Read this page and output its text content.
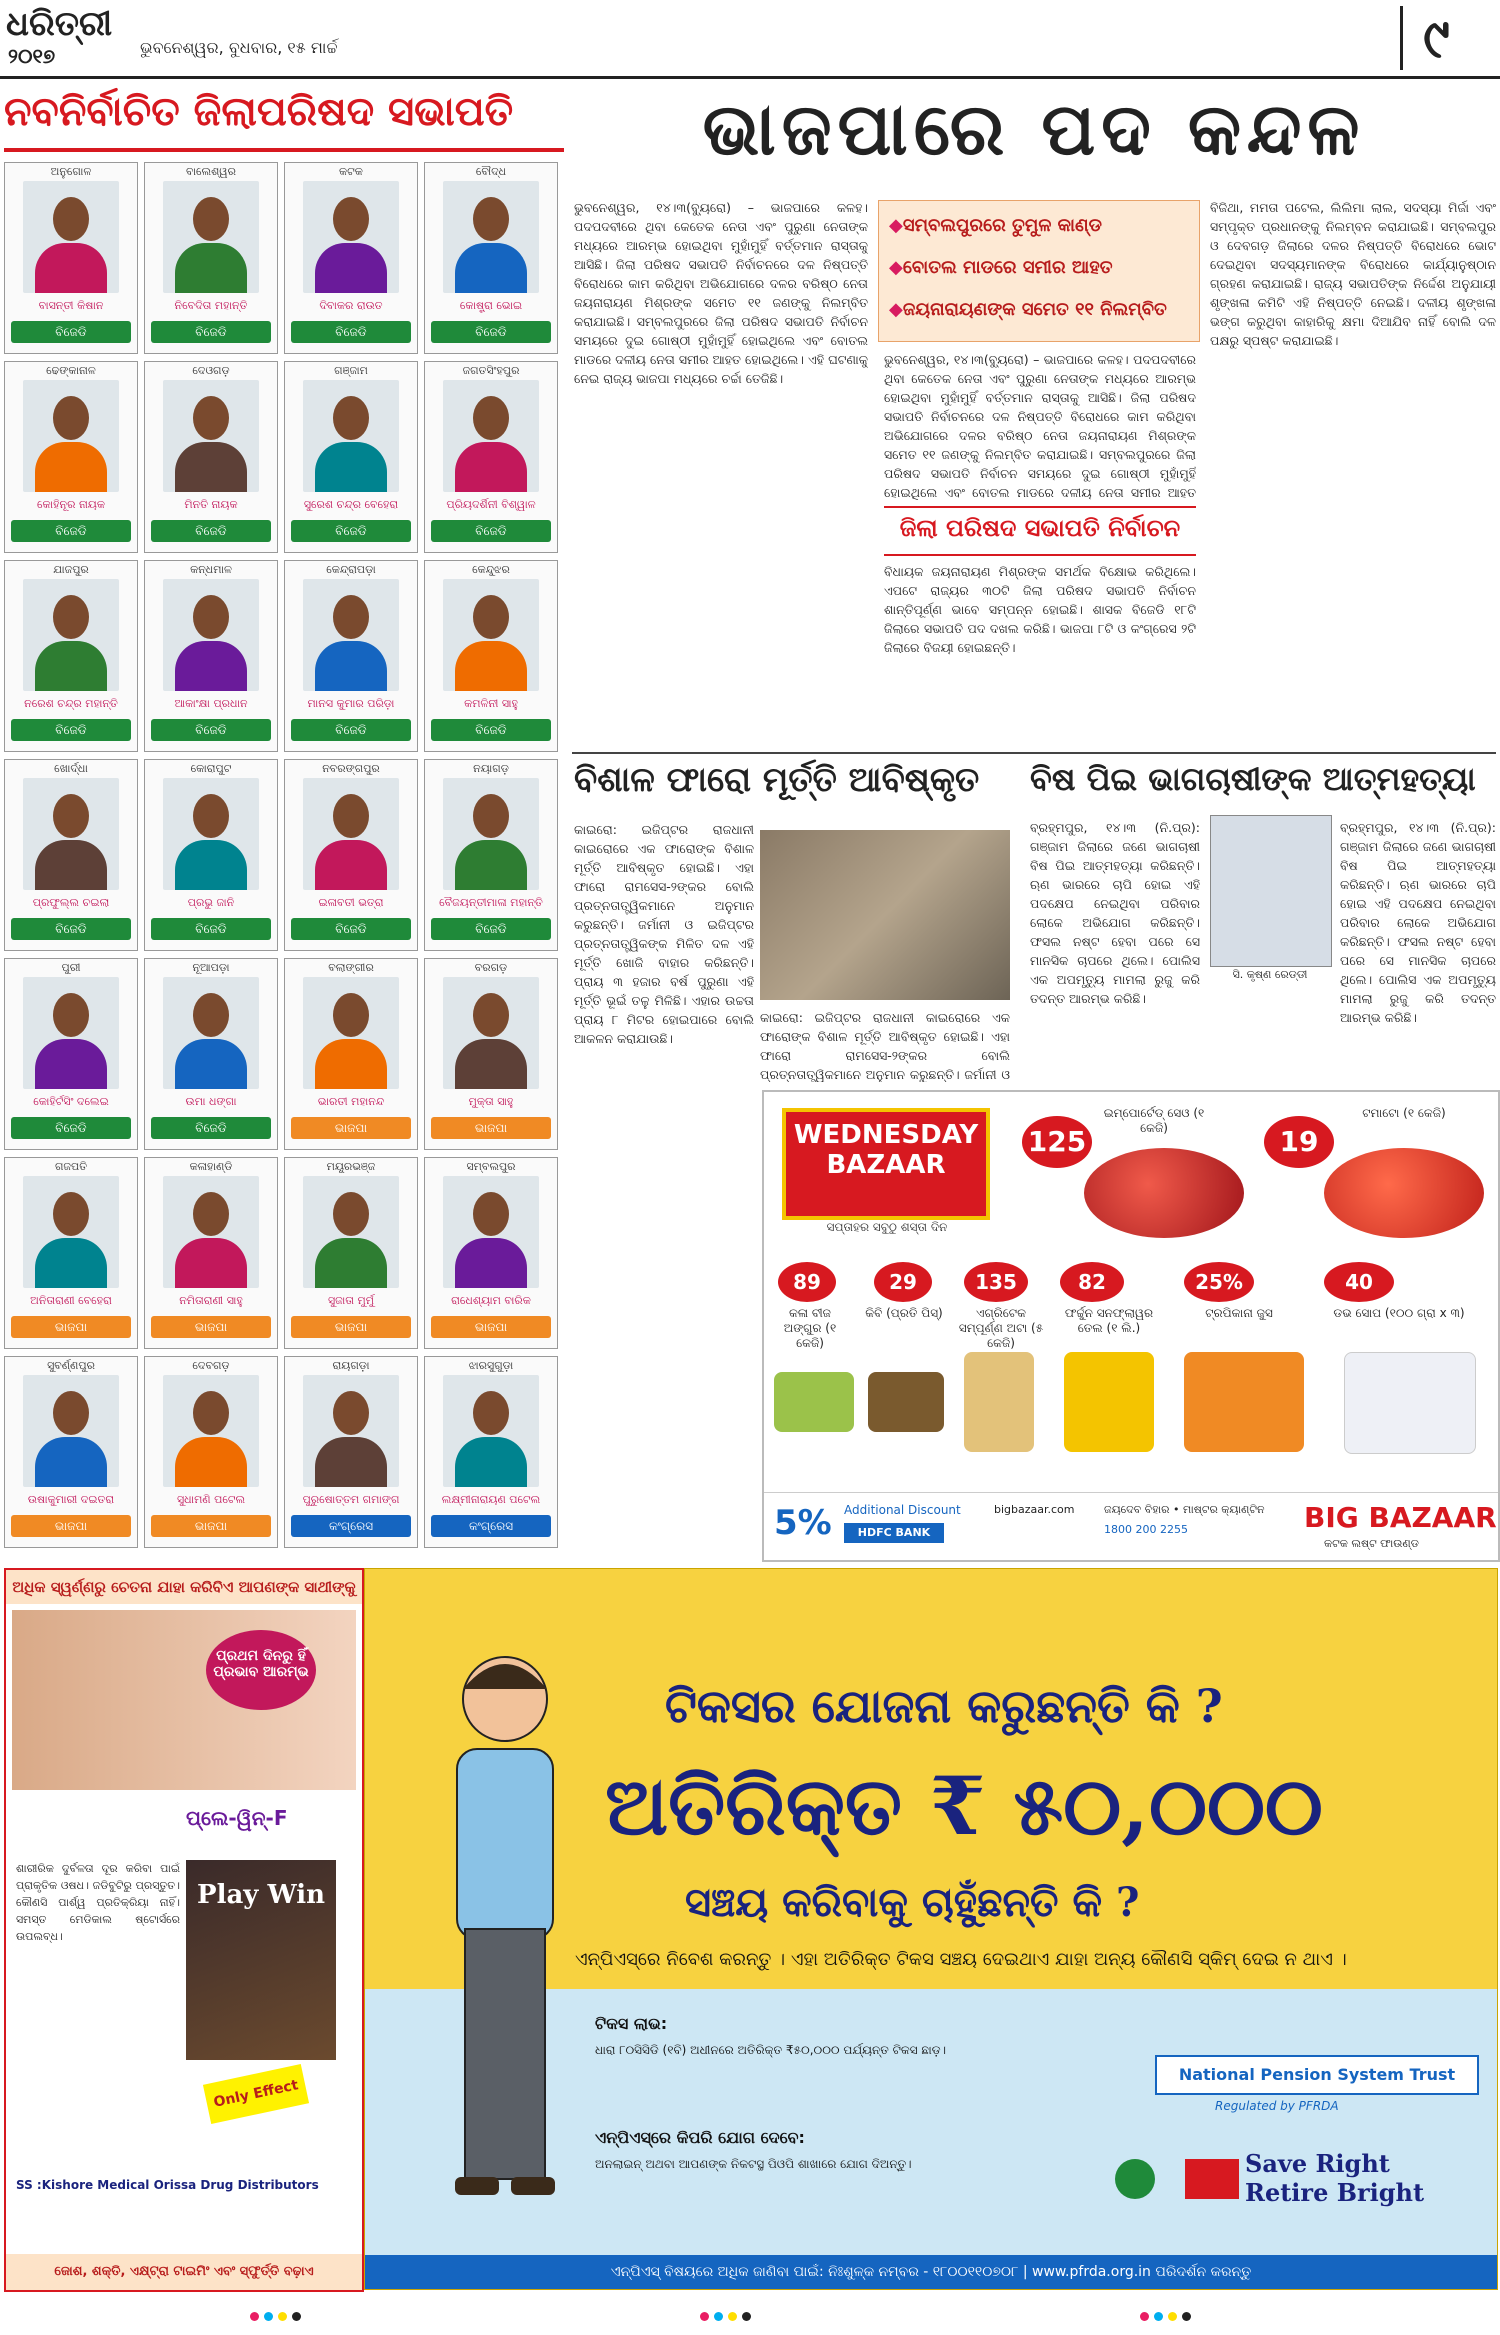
ଧରିତ୍ରୀ
୨୦୧୭	ଭୁବନେଶ୍ୱର, ବୁଧବାର, ୧୫ ମାର୍ଚ୍ଚ	୯
ନବନିର୍ବାଚିତ ଜିଲାପରିଷଦ ସଭାପତି
ଅନୁଗୋଳ
ବାସନ୍ତୀ କିଷାନ
ବିଜେଡି
ବାଲେଶ୍ୱର
ନିବେଦିତା ମହାନ୍ତି
ବିଜେଡି
କଟକ
ଦିବାକର ରାଉତ
ବିଜେଡି
ବୌଦ୍ଧ
କୋଷ୍ଟ୍ରା ଭୋଇ
ବିଜେଡି
ଢେଙ୍କାନାଳ
କୋହିନୂର ନାୟକ
ବିଜେଡି
ଦେଓଗଡ଼
ମିନତି ନାୟକ
ବିଜେଡି
ଗଞ୍ଜାମ
ସୁରେଶ ଚନ୍ଦ୍ର ବେହେରା
ବିଜେଡି
ଜଗତସିଂହପୁର
ପ୍ରିୟଦର୍ଶିନୀ ବିଶ୍ୱାଳ
ବିଜେଡି
ଯାଜପୁର
ନରେଶ ଚନ୍ଦ୍ର ମହାନ୍ତି
ବିଜେଡି
କନ୍ଧମାଳ
ଆକାଂକ୍ଷା ପ୍ରଧାନ
ବିଜେଡି
କେନ୍ଦ୍ରାପଡ଼ା
ମାନସ କୁମାର ପରିଡ଼ା
ବିଜେଡି
କେନ୍ଦୁଝର
କମଳିନୀ ସାହୁ
ବିଜେଡି
ଖୋର୍ଦ୍ଧା
ପ୍ରଫୁଲ୍ଲ ଚଇଲା
ବିଜେଡି
କୋରାପୁଟ
ପ୍ରଭୁ ଜାନି
ବିଜେଡି
ନବରଙ୍ଗପୁର
ଇଳାବତୀ ଭତ୍ରା
ବିଜେଡି
ନୟାଗଡ଼
ବୈଜୟନ୍ତୀମାଳା ମହାନ୍ତି
ବିଜେଡି
ପୁରୀ
କୋହିର୍ଟସିଂ ଦଲେଇ
ବିଜେଡି
ନୂଆପଡ଼ା
ଉମା ଧଙ୍ଗା
ବିଜେଡି
ବଲାଙ୍ଗୀର
ଭାରତୀ ମହାନନ୍ଦ
ଭାଜପା
ବରଗଡ଼
ମୁକ୍ତା ସାହୁ
ଭାଜପା
ଗଜପତି
ଅନିତାରାଣୀ ବେହେରା
ଭାଜପା
କଳାହାଣ୍ଡି
ନମିତାରାଣୀ ସାହୁ
ଭାଜପା
ମୟୂରଭଞ୍ଜ
ସୁଜାତା ମୁର୍ମୁ
ଭାଜପା
ସମ୍ବଲପୁର
ରାଧେଶ୍ୟାମ ବାରିକ
ଭାଜପା
ସୁବର୍ଣ୍ଣପୁର
ଉଷାକୁମାରୀ ଦଇତରା
ଭାଜପା
ଦେବଗଡ଼
ସୁଧାମଣି ପଟେଲ
ଭାଜପା
ରାୟଗଡ଼ା
ପୁରୁଷୋତ୍ତମ ଗମାଙ୍ଗ
କଂଗ୍ରେସ
ଝାରସୁଗୁଡ଼ା
ଲକ୍ଷ୍ମୀନାରାୟଣ ପଟେଲ
କଂଗ୍ରେସ
ଭାଜପାରେ ପଦ କନ୍ଦଳ
ଭୁବନେଶ୍ୱର, ୧୪।୩(ବ୍ୟୁରୋ) – ଭାଜପାରେ କଳହ। ପଦପଦବୀରେ ଥିବା କେତେକ ନେତା ଏବଂ ପୁରୁଣା ନେତାଙ୍କ ମଧ୍ୟରେ ଆରମ୍ଭ ହୋଇଥିବା ମୁହାଁମୁହିଁ ବର୍ତ୍ତମାନ ରାସ୍ତାକୁ ଆସିଛି। ଜିଲା ପରିଷଦ ସଭାପତି ନିର୍ବାଚନରେ ଦଳ ନିଷ୍ପତ୍ତି ବିରୋଧରେ କାମ କରିଥିବା ଅଭିଯୋଗରେ ଦଳର ବରିଷ୍ଠ ନେତା ଜୟନାରାୟଣ ମିଶ୍ରଙ୍କ ସମେତ ୧୧ ଜଣଙ୍କୁ ନିଲମ୍ବିତ କରାଯାଇଛି। ସମ୍ବଲପୁରରେ ଜିଲା ପରିଷଦ ସଭାପତି ନିର୍ବାଚନ ସମୟରେ ଦୁଇ ଗୋଷ୍ଠୀ ମୁହାଁମୁହିଁ ହୋଇଥିଲେ ଏବଂ ବୋତଲ ମାଡରେ ଦଳୀୟ ନେତା ସମୀର ଆହତ ହୋଇଥିଲେ। ଏହି ଘଟଣାକୁ ନେଇ ରାଜ୍ୟ ଭାଜପା ମଧ୍ୟରେ ଚର୍ଚ୍ଚା ତେଜିଛି।
◆ ସମ୍ବଲପୁରରେ ତୁମୁଳ କାଣ୍ଡ
◆ ବୋତଲ ମାଡରେ ସମୀର ଆହତ
◆ ଜୟନାରାୟଣଙ୍କ ସମେତ ୧୧ ନିଲମ୍ବିତ
ବିଜିଥା, ମମତା ପଟେଲ, ଲିଲିମା ଲାଲ, ସଦସ୍ୟା ମିର୍ଜା ଏବଂ ସମ୍ପୃକ୍ତ ପ୍ରଧାନଙ୍କୁ ନିଲମ୍ବନ କରାଯାଇଛି। ସମ୍ବଲପୁର ଓ ଦେବଗଡ଼ ଜିଲାରେ ଦଳର ନିଷ୍ପତ୍ତି ବିରୋଧରେ ଭୋଟ ଦେଇଥିବା ସଦସ୍ୟମାନଙ୍କ ବିରୋଧରେ କାର୍ଯ୍ୟାନୁଷ୍ଠାନ ଗ୍ରହଣ କରାଯାଇଛି। ରାଜ୍ୟ ସଭାପତିଙ୍କ ନିର୍ଦ୍ଦେଶ ଅନୁଯାୟୀ ଶୃଙ୍ଖଳା କମିଟି ଏହି ନିଷ୍ପତ୍ତି ନେଇଛି। ଦଳୀୟ ଶୃଙ୍ଖଳା ଭଙ୍ଗ କରୁଥିବା କାହାରିକୁ କ୍ଷମା ଦିଆଯିବ ନାହିଁ ବୋଲି ଦଳ ପକ୍ଷରୁ ସ୍ପଷ୍ଟ କରାଯାଇଛି।
ଭୁବନେଶ୍ୱର, ୧୪।୩(ବ୍ୟୁରୋ) – ଭାଜପାରେ କଳହ। ପଦପଦବୀରେ ଥିବା କେତେକ ନେତା ଏବଂ ପୁରୁଣା ନେତାଙ୍କ ମଧ୍ୟରେ ଆରମ୍ଭ ହୋଇଥିବା ମୁହାଁମୁହିଁ ବର୍ତ୍ତମାନ ରାସ୍ତାକୁ ଆସିଛି। ଜିଲା ପରିଷଦ ସଭାପତି ନିର୍ବାଚନରେ ଦଳ ନିଷ୍ପତ୍ତି ବିରୋଧରେ କାମ କରିଥିବା ଅଭିଯୋଗରେ ଦଳର ବରିଷ୍ଠ ନେତା ଜୟନାରାୟଣ ମିଶ୍ରଙ୍କ ସମେତ ୧୧ ଜଣଙ୍କୁ ନିଲମ୍ବିତ କରାଯାଇଛି। ସମ୍ବଲପୁରରେ ଜିଲା ପରିଷଦ ସଭାପତି ନିର୍ବାଚନ ସମୟରେ ଦୁଇ ଗୋଷ୍ଠୀ ମୁହାଁମୁହିଁ ହୋଇଥିଲେ ଏବଂ ବୋତଲ ମାଡରେ ଦଳୀୟ ନେତା ସମୀର ଆହତ
ଜିଲା ପରିଷଦ ସଭାପତି ନିର୍ବାଚନ
ବିଧାୟକ ଜୟନାରାୟଣ ମିଶ୍ରଙ୍କ ସମର୍ଥକ ବିକ୍ଷୋଭ କରିଥିଲେ। ଏପଟେ ରାଜ୍ୟର ୩୦ଟି ଜିଲା ପରିଷଦ ସଭାପତି ନିର୍ବାଚନ ଶାନ୍ତିପୂର୍ଣ୍ଣ ଭାବେ ସମ୍ପନ୍ନ ହୋଇଛି। ଶାସକ ବିଜେଡି ୧୮ଟି ଜିଲାରେ ସଭାପତି ପଦ ଦଖଲ କରିଛି। ଭାଜପା ୮ଟି ଓ କଂଗ୍ରେସ ୨ଟି ଜିଲାରେ ବିଜୟୀ ହୋଇଛନ୍ତି।
ବିଶାଳ ଫାରୋ ମୂର୍ତ୍ତି ଆବିଷ୍କୃତ
କାଇରୋ: ଇଜିପ୍ଟର ରାଜଧାନୀ କାଇରୋରେ ଏକ ଫାରୋଙ୍କ ବିଶାଳ ମୂର୍ତ୍ତି ଆବିଷ୍କୃତ ହୋଇଛି। ଏହା ଫାରୋ ରାମସେସ-୨ଙ୍କର ବୋଲି ପ୍ରତ୍ନତାତ୍ତ୍ୱିକମାନେ ଅନୁମାନ କରୁଛନ୍ତି। ଜର୍ମାନୀ ଓ ଇଜିପ୍ଟର ପ୍ରତ୍ନତାତ୍ତ୍ୱିକଙ୍କ ମିଳିତ ଦଳ ଏହି ମୂର୍ତ୍ତି ଖୋଜି ବାହାର କରିଛନ୍ତି। ପ୍ରାୟ ୩ ହଜାର ବର୍ଷ ପୁରୁଣା ଏହି ମୂର୍ତ୍ତି ଭୂଇଁ ତଳୁ ମିଳିଛି। ଏହାର ଉଚ୍ଚତା ପ୍ରାୟ ୮ ମିଟର ହୋଇପାରେ ବୋଲି ଆକଳନ କରାଯାଉଛି।
କାଇରୋ: ଇଜିପ୍ଟର ରାଜଧାନୀ କାଇରୋରେ ଏକ ଫାରୋଙ୍କ ବିଶାଳ ମୂର୍ତ୍ତି ଆବିଷ୍କୃତ ହୋଇଛି। ଏହା ଫାରୋ ରାମସେସ-୨ଙ୍କର ବୋଲି ପ୍ରତ୍ନତାତ୍ତ୍ୱିକମାନେ ଅନୁମାନ କରୁଛନ୍ତି। ଜର୍ମାନୀ ଓ
ବିଷ ପିଇ ଭାଗଚାଷୀଙ୍କ ଆତ୍ମହତ୍ୟା
ବ୍ରହ୍ମପୁର, ୧୪।୩ (ନି.ପ୍ର): ଗଞ୍ଜାମ ଜିଲାରେ ଜଣେ ଭାଗଚାଷୀ ବିଷ ପିଇ ଆତ୍ମହତ୍ୟା କରିଛନ୍ତି। ଋଣ ଭାରରେ ଚାପି ହୋଇ ଏହି ପଦକ୍ଷେପ ନେଇଥିବା ପରିବାର ଲୋକେ ଅଭିଯୋଗ କରିଛନ୍ତି। ଫସଲ ନଷ୍ଟ ହେବା ପରେ ସେ ମାନସିକ ଚାପରେ ଥିଲେ। ପୋଲିସ ଏକ ଅପମୃତ୍ୟୁ ମାମଲା ରୁଜୁ କରି ତଦନ୍ତ ଆରମ୍ଭ କରିଛି।
ସି. କୃଷ୍ଣ ରେଡ୍ଡୀ
ବ୍ରହ୍ମପୁର, ୧୪।୩ (ନି.ପ୍ର): ଗଞ୍ଜାମ ଜିଲାରେ ଜଣେ ଭାଗଚାଷୀ ବିଷ ପିଇ ଆତ୍ମହତ୍ୟା କରିଛନ୍ତି। ଋଣ ଭାରରେ ଚାପି ହୋଇ ଏହି ପଦକ୍ଷେପ ନେଇଥିବା ପରିବାର ଲୋକେ ଅଭିଯୋଗ କରିଛନ୍ତି। ଫସଲ ନଷ୍ଟ ହେବା ପରେ ସେ ମାନସିକ ଚାପରେ ଥିଲେ। ପୋଲିସ ଏକ ଅପମୃତ୍ୟୁ ମାମଲା ରୁଜୁ କରି ତଦନ୍ତ ଆରମ୍ଭ କରିଛି।
WEDNESDAY
BAZAAR
ସପ୍ତାହର ସବୁଠୁ ଶସ୍ତା ଦିନ
125
ଇମ୍ପୋର୍ଟେଡ୍ ସେଓ (୧ କେଜି)	19
ଟମାଟୋ (୧ କେଜି)
89
କଳା ବୀଜ ଅଙ୍ଗୁର (୧ କେଜି)
29
କିବି (ପ୍ରତି ପିସ୍)
135
ଏଗ୍ରିଟେକ ସମ୍ପୂର୍ଣ୍ଣ ଅଟା (୫ କେଜି)
82
ଫର୍ଚ୍ଚୁନ ସନଫ୍ଲାୱର ତେଲ (୧ ଲି.)
25%
ଟ୍ରପିକାନା ଜୁସ
40
ଡଭ ସୋପ (୧୦୦ ଗ୍ରା x ୩)
5% Additional Discount
HDFC BANK
bigbazaar.com	ଜୟଦେବ ବିହାର • ମାଷ୍ଟର କ୍ୟାଣ୍ଟିନ
1800 200 2255	BIG BAZAAR
କଟକ ଲଷ୍ଟ ଫାଉଣ୍ଡ
ଅଧିକ ସ୍ୱର୍ଣ୍ଣରୁ ଚେତନା ଯାହା କରିବିଏ ଆପଣଙ୍କ ସାଥୀଙ୍କୁ
ପ୍ରଥମ ଦିନରୁ ହିଁ ପ୍ରଭାବ ଆରମ୍ଭ
ପ୍ଲେ-ୱିନ୍-F
Play Win
ଶାରୀରିକ ଦୁର୍ବଳତା ଦୂର କରିବା ପାଇଁ ପ୍ରାକୃତିକ ଓଷଧ। ଜଡିବୁଟିରୁ ପ୍ରସ୍ତୁତ। କୌଣସି ପାର୍ଶ୍ୱ ପ୍ରତିକ୍ରିୟା ନାହିଁ। ସମସ୍ତ ମେଡିକାଲ ଷ୍ଟୋର୍ସରେ ଉପଲବ୍ଧ।
Only Effect
SS :Kishore Medical Orissa Drug Distributors
ଜୋଶ, ଶକ୍ତି, ଏକ୍ଷ୍ଟ୍ରା ଟାଇମିଂ ଏବଂ ସ୍ଫୁର୍ତ୍ତି ବଢ଼ାଏ
ଟିକସର ଯୋଜନା କରୁଛନ୍ତି କି ?
ଅତିରିକ୍ତ ₹ ୫୦,୦୦୦
ସଞ୍ଚୟ କରିବାକୁ ଚାହୁଁଛନ୍ତି କି ?
ଏନ୍‌ପିଏସ୍‌ରେ ନିବେଶ କରନ୍ତୁ । ଏହା ଅତିରିକ୍ତ ଟିକସ ସଞ୍ଚୟ ଦେଇଥାଏ ଯାହା ଅନ୍ୟ କୌଣସି ସ୍କିମ୍ ଦେଇ ନ ଥାଏ ।
ଟିକସ ଲାଭ:
ଧାରା ୮୦ସିସିଡି (୧ବି) ଅଧୀନରେ ଅତିରିକ୍ତ ₹୫୦,୦୦୦ ପର୍ଯ୍ୟନ୍ତ ଟିକସ ଛାଡ଼।
ଏନ୍‌ପିଏସ୍‌ରେ କିପରି ଯୋଗ ଦେବେ:
ଅନଲାଇନ୍ ଅଥବା ଆପଣଙ୍କ ନିକଟସ୍ଥ ପିଓପି ଶାଖାରେ ଯୋଗ ଦିଅନ୍ତୁ।
National Pension System Trust
Regulated by PFRDA
Save Right Retire Bright
ଏନ୍‌ପିଏସ୍ ବିଷୟରେ ଅଧିକ ଜାଣିବା ପାଇଁ: ନିଃଶୁଳ୍କ ନମ୍ବର - ୧୮୦୦୧୧୦୭୦୮ | www.pfrda.org.in ପରିଦର୍ଶନ କରନ୍ତୁ
